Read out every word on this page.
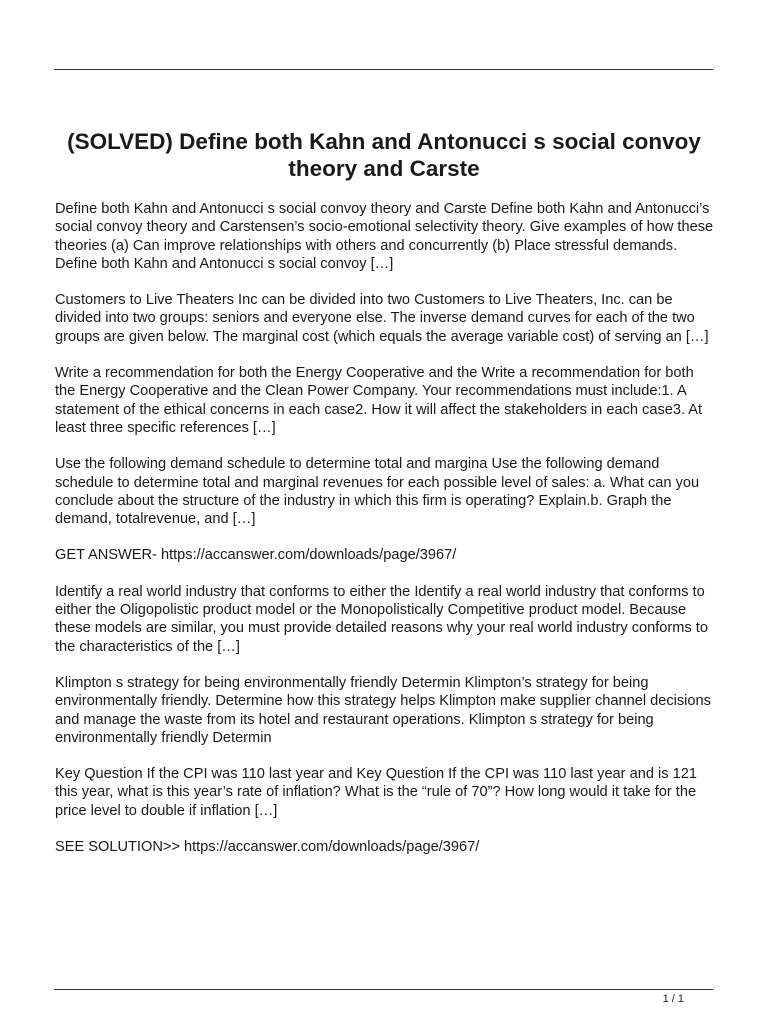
(SOLVED) Define both Kahn and Antonucci s social convoy theory and Carste

Define both Kahn and Antonucci s social convoy theory and Carste Define both Kahn and Antonucci’s social convoy theory and Carstensen’s socio-emotional selectivity theory. Give examples of how these theories (a) Can improve relationships with others and concurrently (b) Place stressful demands. Define both Kahn and Antonucci s social convoy […]

Customers to Live Theaters Inc can be divided into two Customers to Live Theaters, Inc. can be divided into two groups: seniors and everyone else. The inverse demand curves for each of the two groups are given below. The marginal cost (which equals the average variable cost) of serving an […]

Write a recommendation for both the Energy Cooperative and the Write a recommendation for both the Energy Cooperative and the Clean Power Company. Your recommendations must include:1. A statement of the ethical concerns in each case2. How it will affect the stakeholders in each case3. At least three specific references […]

Use the following demand schedule to determine total and margina Use the following demand schedule to determine total and marginal revenues for each possible level of sales: a. What can you conclude about the structure of the industry in which this firm is operating? Explain.b. Graph the demand, totalrevenue, and […]

GET ANSWER- https://accanswer.com/downloads/page/3967/

Identify a real world industry that conforms to either the Identify a real world industry that conforms to either the Oligopolistic product model or the Monopolistically Competitive product model. Because these models are similar, you must provide detailed reasons why your real world industry conforms to the characteristics of the […]

Klimpton s strategy for being environmentally friendly Determin Klimpton’s strategy for being environmentally friendly. Determine how this strategy helps Klimpton make supplier channel decisions and manage the waste from its hotel and restaurant operations. Klimpton s strategy for being environmentally friendly Determin

Key Question If the CPI was 110 last year and Key Question If the CPI was 110 last year and is 121 this year, what is this year’s rate of inflation? What is the “rule of 70”? How long would it take for the price level to double if inflation […]

SEE SOLUTION>> https://accanswer.com/downloads/page/3967/

1 / 1
